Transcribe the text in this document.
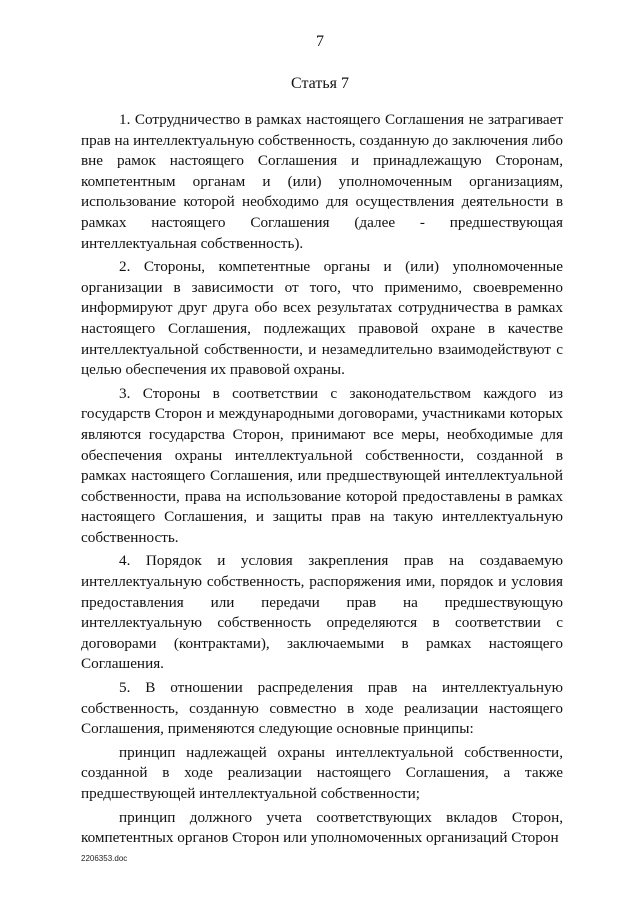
7
Статья 7

1. Сотрудничество в рамках настоящего Соглашения не затрагивает прав на интеллектуальную собственность, созданную до заключения либо вне рамок настоящего Соглашения и принадлежащую Сторонам, компетентным органам и (или) уполномоченным организациям, использование которой необходимо для осуществления деятельности в рамках настоящего Соглашения (далее - предшествующая интеллектуальная собственность).

2. Стороны, компетентные органы и (или) уполномоченные организации в зависимости от того, что применимо, своевременно информируют друг друга обо всех результатах сотрудничества в рамках настоящего Соглашения, подлежащих правовой охране в качестве интеллектуальной собственности, и незамедлительно взаимодействуют с целью обеспечения их правовой охраны.

3. Стороны в соответствии с законодательством каждого из государств Сторон и международными договорами, участниками которых являются государства Сторон, принимают все меры, необходимые для обеспечения охраны интеллектуальной собственности, созданной в рамках настоящего Соглашения, или предшествующей интеллектуальной собственности, права на использование которой предоставлены в рамках настоящего Соглашения, и защиты прав на такую интеллектуальную собственность.

4. Порядок и условия закрепления прав на создаваемую интеллектуальную собственность, распоряжения ими, порядок и условия предоставления или передачи прав на предшествующую интеллектуальную собственность определяются в соответствии с договорами (контрактами), заключаемыми в рамках настоящего Соглашения.

5. В отношении распределения прав на интеллектуальную собственность, созданную совместно в ходе реализации настоящего Соглашения, применяются следующие основные принципы:

принцип надлежащей охраны интеллектуальной собственности, созданной в ходе реализации настоящего Соглашения, а также предшествующей интеллектуальной собственности;

принцип должного учета соответствующих вкладов Сторон, компетентных органов Сторон или уполномоченных организаций Сторон

2206353.doc
